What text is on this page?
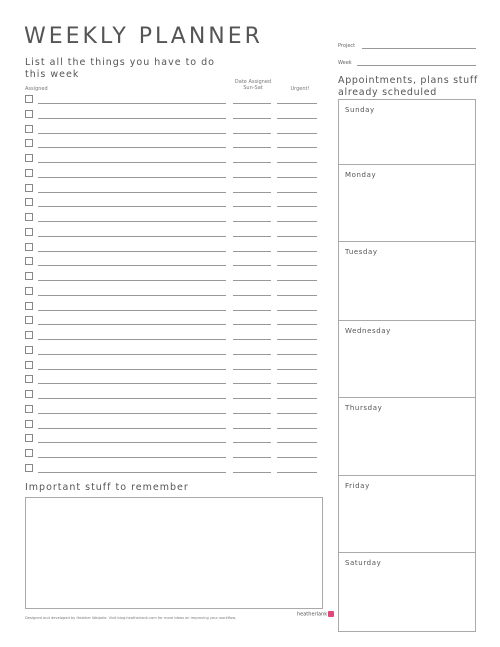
WEEKLY PLANNER	Project
Week
List all the things you have to do this week
Assigned
Date Assigned Sun-Sat	Urgent!
Appointments, plans stuff already scheduled
Sunday
Monday
Tuesday
Wednesday
Thursday
Friday
Saturday
Important stuff to remember
Designed and developed by Heather Walpole. Visit blog.heatheriank.com for more ideas on improving your workflow.
heatherlank
